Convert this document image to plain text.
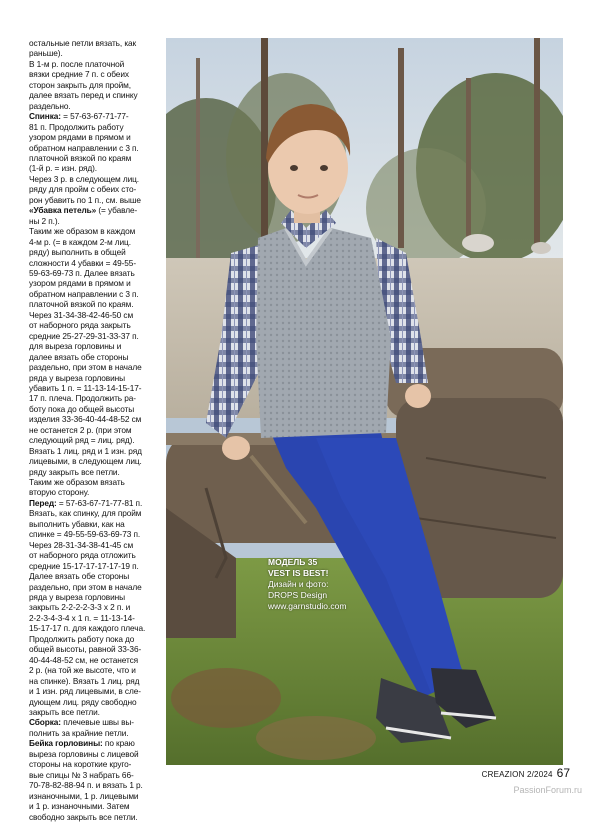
остальные петли вязать, как

раньше).

В 1-м р. после платочной

вязки средние 7 п. с обеих

сторон закрыть для пройм,

далее вязать перед и спинку

раздельно.

Спинка: = 57-63-67-71-77-

81 п. Продолжить работу

узором рядами в прямом и

обратном направлении с 3 п.

платочной вязкой по краям

(1-й р. = изн. ряд).

Через 3 р. в следующем лиц.

ряду для пройм с обеих сто-

рон убавить по 1 п., см. выше

«Убавка петель» (= убавле-

ны 2 п.).

Таким же образом в каждом

4-м р. (= в каждом 2-м лиц.

ряду) выполнить в общей

сложности 4 убавки = 49-55-

59-63-69-73 п. Далее вязать

узором рядами в прямом и

обратном направлении с 3 п.

платочной вязкой по краям.

Через 31-34-38-42-46-50 см

от наборного ряда закрыть

средние 25-27-29-31-33-37 п.

для выреза горловины и

далее вязать обе стороны

раздельно, при этом в начале

ряда у выреза горловины

убавить 1 п. = 11-13-14-15-17-

17 п. плеча. Продолжить ра-

боту пока до общей высоты

изделия 33-36-40-44-48-52 см

не останется 2 р. (при этом

следующий ряд = лиц. ряд).

Вязать 1 лиц. ряд и 1 изн. ряд

лицевыми, в следующем лиц.

ряду закрыть все петли.

Таким же образом вязать

вторую сторону.

Перед: = 57-63-67-71-77-81 п.

Вязать, как спинку, для пройм

выполнить убавки, как на

спинке = 49-55-59-63-69-73 п.

Через 28-31-34-38-41-45 см

от наборного ряда отложить

средние 15-17-17-17-17-19 п.

Далее вязать обе стороны

раздельно, при этом в начале

ряда у выреза горловины

закрыть 2-2-2-2-3-3 х 2 п. и

2-2-3-4-3-4 х 1 п. = 11-13-14-

15-17-17 п. для каждого плеча.

Продолжить работу пока до

общей высоты, равной 33-36-

40-44-48-52 см, не останется

2 р. (на той же высоте, что и

на спинке). Вязать 1 лиц. ряд

и 1 изн. ряд лицевыми, в сле-

дующем лиц. ряду свободно

закрыть все петли.

Сборка: плечевые швы вы-

полнить за крайние петли.

Бейка горловины: по краю

выреза горловины с лицевой

стороны на короткие круго-

вые спицы № 3 набрать 66-

70-78-82-88-94 п. и вязать 1 р.

изнаночными, 1 р. лицевыми

и 1 р. изнаночными. Затем

свободно закрыть все петли.

МОДЕЛЬ 35
VEST IS BEST!
Дизайн и фото:
DROPS Design
www.garnstudio.com
CREAZION 2/2024 67
PassionForum.ru
